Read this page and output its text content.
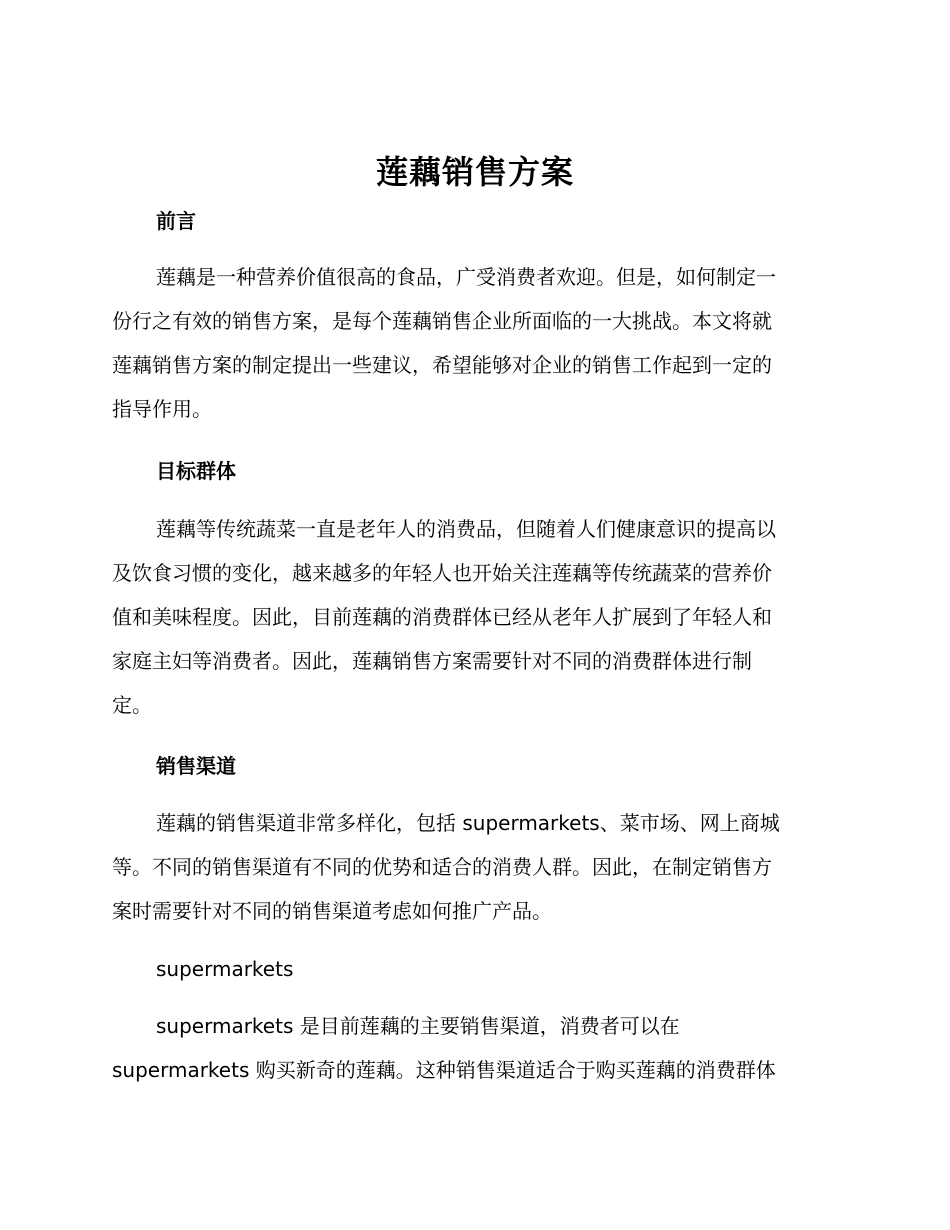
莲藕销售方案
前言
莲藕是一种营养价值很高的食品，广受消费者欢迎。但是，如何制定一
份行之有效的销售方案，是每个莲藕销售企业所面临的一大挑战。本文将就
莲藕销售方案的制定提出一些建议，希望能够对企业的销售工作起到一定的
指导作用。
目标群体
莲藕等传统蔬菜一直是老年人的消费品，但随着人们健康意识的提高以
及饮食习惯的变化，越来越多的年轻人也开始关注莲藕等传统蔬菜的营养价
值和美味程度。因此，目前莲藕的消费群体已经从老年人扩展到了年轻人和
家庭主妇等消费者。因此，莲藕销售方案需要针对不同的消费群体进行制
定。
销售渠道
莲藕的销售渠道非常多样化，包括 supermarkets、菜市场、网上商城
等。不同的销售渠道有不同的优势和适合的消费人群。因此，在制定销售方
案时需要针对不同的销售渠道考虑如何推广产品。
supermarkets
supermarkets 是目前莲藕的主要销售渠道，消费者可以在
supermarkets 购买新奇的莲藕。这种销售渠道适合于购买莲藕的消费群体
